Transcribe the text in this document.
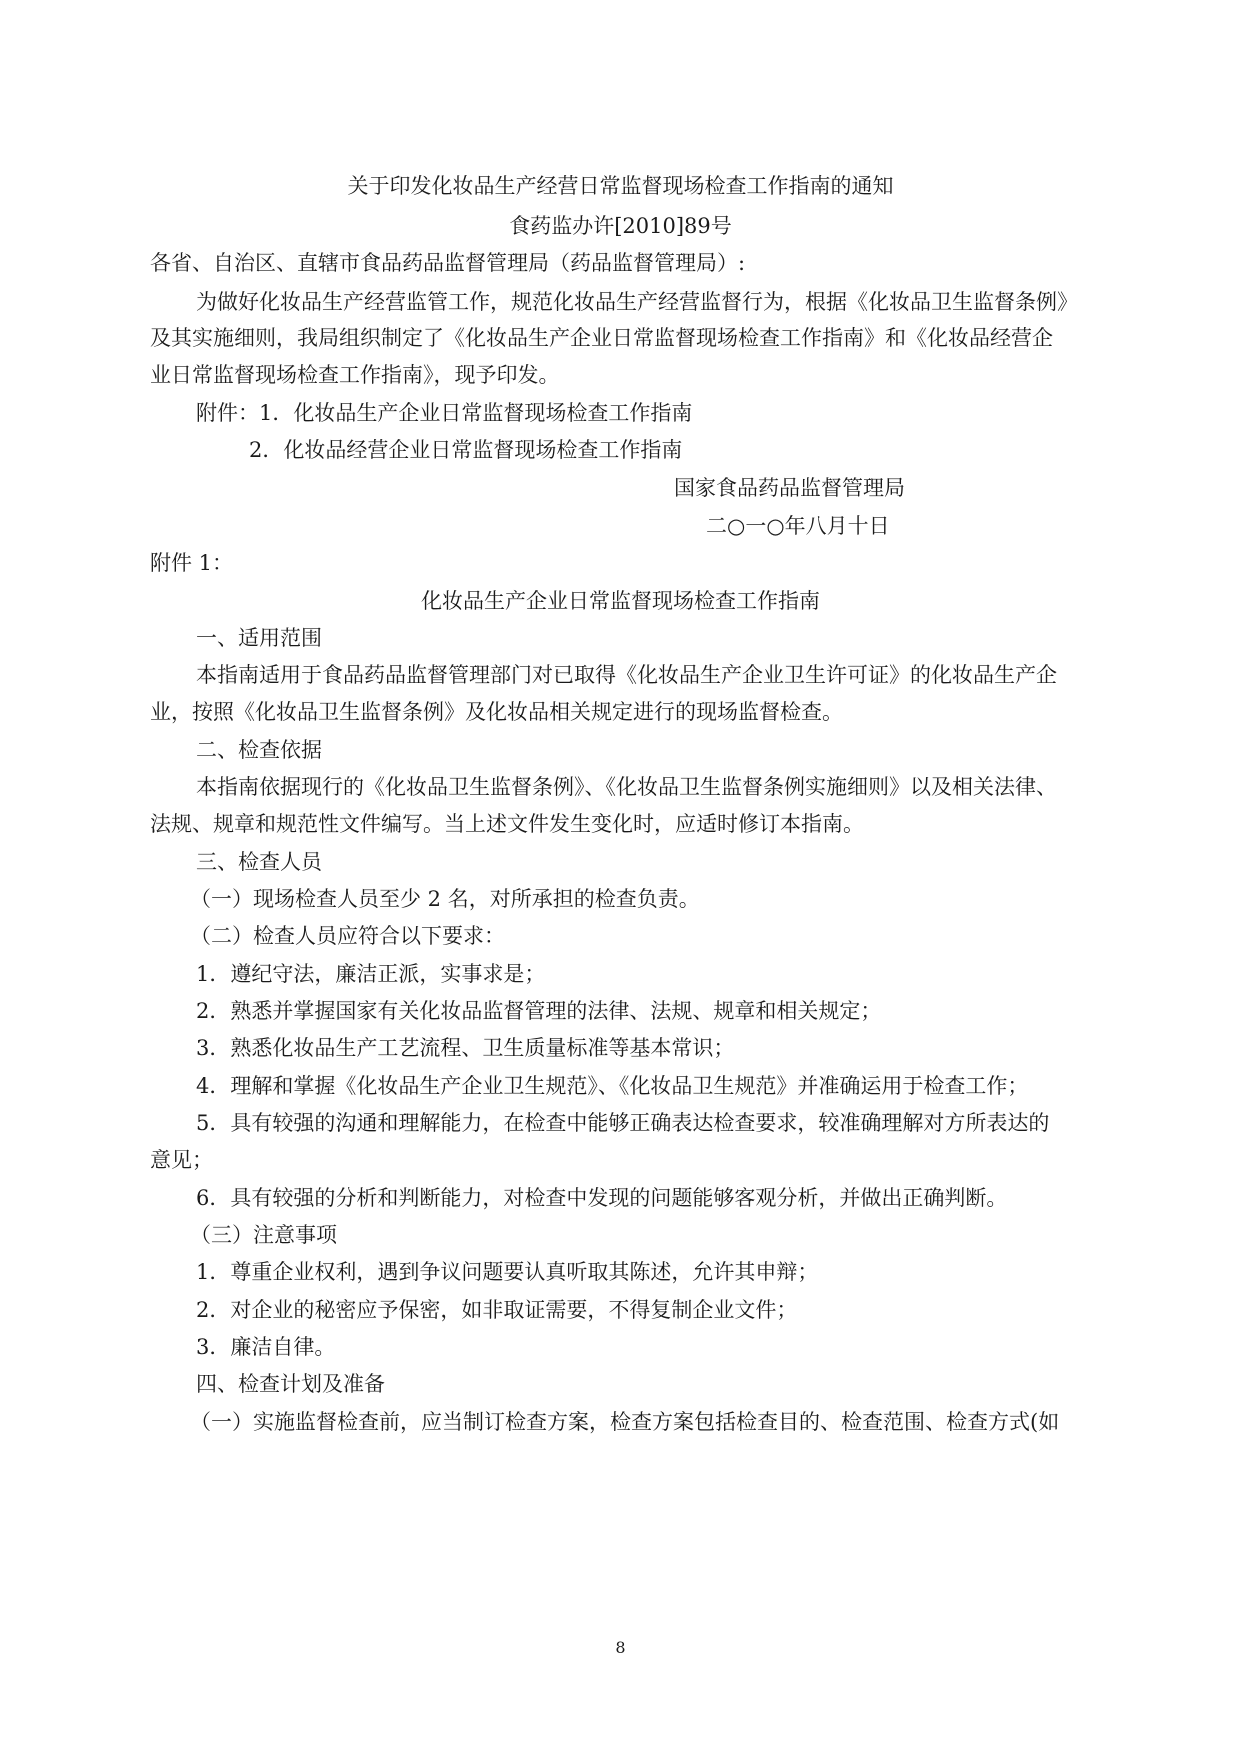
关于印发化妆品生产经营日常监督现场检查工作指南的通知
食药监办许[2010]89号
各省、自治区、直辖市食品药品监督管理局（药品监督管理局）:
为做好化妆品生产经营监管工作，规范化妆品生产经营监督行为，根据《化妆品卫生监督条例》
及其实施细则，我局组织制定了《化妆品生产企业日常监督现场检查工作指南》和《化妆品经营企
业日常监督现场检查工作指南》，现予印发。
附件：1．化妆品生产企业日常监督现场检查工作指南
2．化妆品经营企业日常监督现场检查工作指南
国家食品药品监督管理局
二○一○年八月十日
附件 1：
化妆品生产企业日常监督现场检查工作指南
一、适用范围
本指南适用于食品药品监督管理部门对已取得《化妆品生产企业卫生许可证》的化妆品生产企
业，按照《化妆品卫生监督条例》及化妆品相关规定进行的现场监督检查。
二、检查依据
本指南依据现行的《化妆品卫生监督条例》、《化妆品卫生监督条例实施细则》以及相关法律、
法规、规章和规范性文件编写。当上述文件发生变化时，应适时修订本指南。
三、检查人员
（一）现场检查人员至少 2 名，对所承担的检查负责。
（二）检查人员应符合以下要求：
1．遵纪守法，廉洁正派，实事求是；
2．熟悉并掌握国家有关化妆品监督管理的法律、法规、规章和相关规定；
3．熟悉化妆品生产工艺流程、卫生质量标准等基本常识；
4．理解和掌握《化妆品生产企业卫生规范》、《化妆品卫生规范》并准确运用于检查工作；
5．具有较强的沟通和理解能力，在检查中能够正确表达检查要求，较准确理解对方所表达的
意见；
6．具有较强的分析和判断能力，对检查中发现的问题能够客观分析，并做出正确判断。
（三）注意事项
1．尊重企业权利，遇到争议问题要认真听取其陈述，允许其申辩；
2．对企业的秘密应予保密，如非取证需要，不得复制企业文件；
3．廉洁自律。
四、检查计划及准备
（一）实施监督检查前，应当制订检查方案，检查方案包括检查目的、检查范围、检查方式(如
8
